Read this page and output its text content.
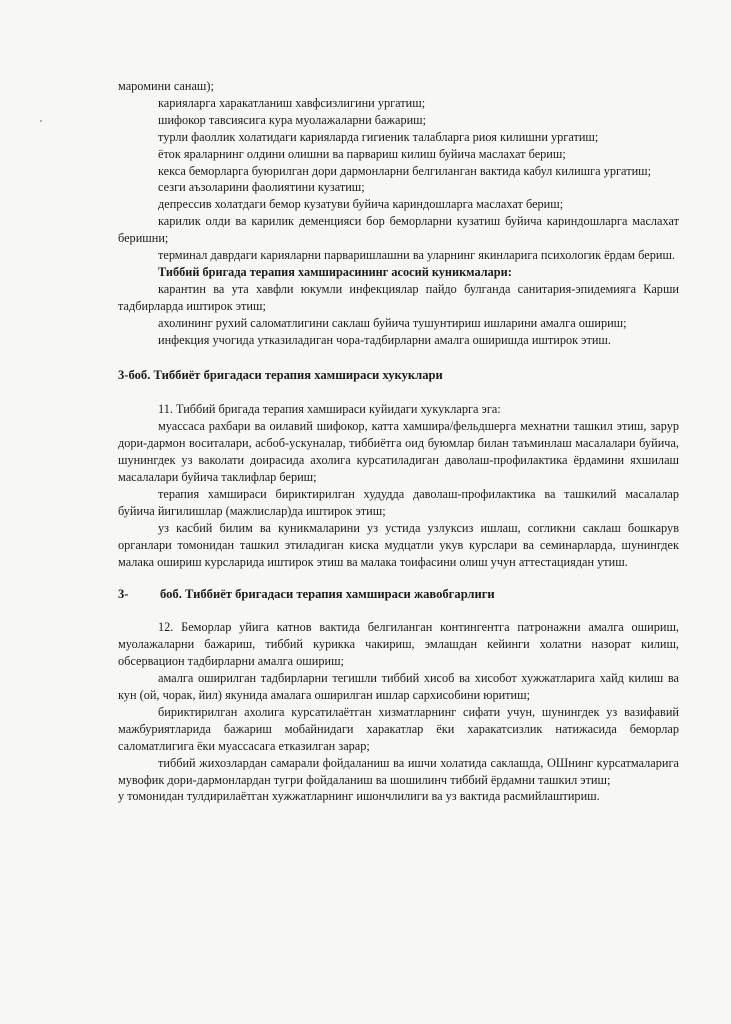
маромини санаш);

карияларга харакатланиш хавфсизлигини ургатиш;

шифокор тавсиясига кура муолажаларни бажариш;

турли фаоллик холатидаги карияларда гигиеник талабларга риоя килишни ургатиш;

ёток яраларнинг олдини олишни ва парвариш килиш буйича маслахат бериш;

кекса беморларга буюрилган дори дармонларни белгиланган вактида кабул килишга ургатиш;

сезги аъзоларини фаолиятини кузатиш;

депрессив холатдаги бемор кузатуви буйича кариндошларга маслахат бериш;

карилик олди ва карилик деменцияси бор беморларни кузатиш буйича кариндошларга маслахат беришни;

терминал даврдаги карияларни парваришлашни ва уларнинг якинларига психологик ёрдам бериш.

Тиббий бригада терапия хамширасининг асосий куникмалари:

карантин ва ута хавфли юкумли инфекциялар пайдо булганда санитария-эпидемияга Карши тадбирларда иштирок этиш;

ахолининг рухий саломатлигини саклаш буйича тушунтириш ишларини амалга ошириш;

инфекция учогида утказиладиган чора-тадбирларни амалга оширишда иштирок этиш.

3-боб. Тиббиёт бригадаси терапия хамшираси хукуклари

11. Тиббий бригада терапия хамшираси куйидаги хукукларга эга:

муассаса рахбари ва оилавий шифокор, катта хамшира/фельдшерга мехнатни ташкил этиш, зарур дори-дармон воситалари, асбоб-ускуналар, тиббиётга оид буюмлар билан таъминлаш масалалари буйича, шунингдек уз ваколати доирасида ахолига курсатиладиган даволаш-профилактика ёрдамини яхшилаш масалалари буйича таклифлар бериш;

терапия хамшираси бириктирилган худудда даволаш-профилактика ва ташкилий масалалар буйича йигилишлар (мажлислар)да иштирок этиш;

уз касбий билим ва куникмаларини уз устида узлуксиз ишлаш, согликни саклаш бошкарув органлари томонидан ташкил этиладиган киска мудцатли укув курслари ва семинарларда, шунингдек малака ошириш курсларида иштирок этиш ва малака тоифасини олиш учун аттестациядан утиш.

3-	боб. Тиббиёт бригадаси терапия хамшираси жавобгарлиги

12. Беморлар уйига катнов вактида белгиланган контингентга патронажни амалга ошириш, муолажаларни бажариш, тиббий курикка чакириш, эмлашдан кейинги холатни назорат килиш, обсервацион тадбирларни амалга ошириш;

амалга оширилган тадбирларни тегишли тиббий хисоб ва хисобот хужжатларига хайд килиш ва кун (ой, чорак, йил) якунида амалага оширилган ишлар сархисобини юритиш;

бириктирилган ахолига курсатилаётган хизматларнинг сифати учун, шунингдек уз вазифавий мажбуриятларида бажариш мобайнидаги харакатлар ёки харакатсизлик натижасида беморлар саломатлигига ёки муассасага етказилган зарар;

тиббий жихозлардан самарали фойдаланиш ва ишчи холатида саклашда, ОШнинг курсатмаларига мувофик дори-дармонлардан тугри фойдаланиш ва шошилинч тиббий ёрдамни ташкил этиш;

у томонидан тулдирилаётган хужжатларнинг ишончлилиги ва уз вактида расмийлаштириш.
